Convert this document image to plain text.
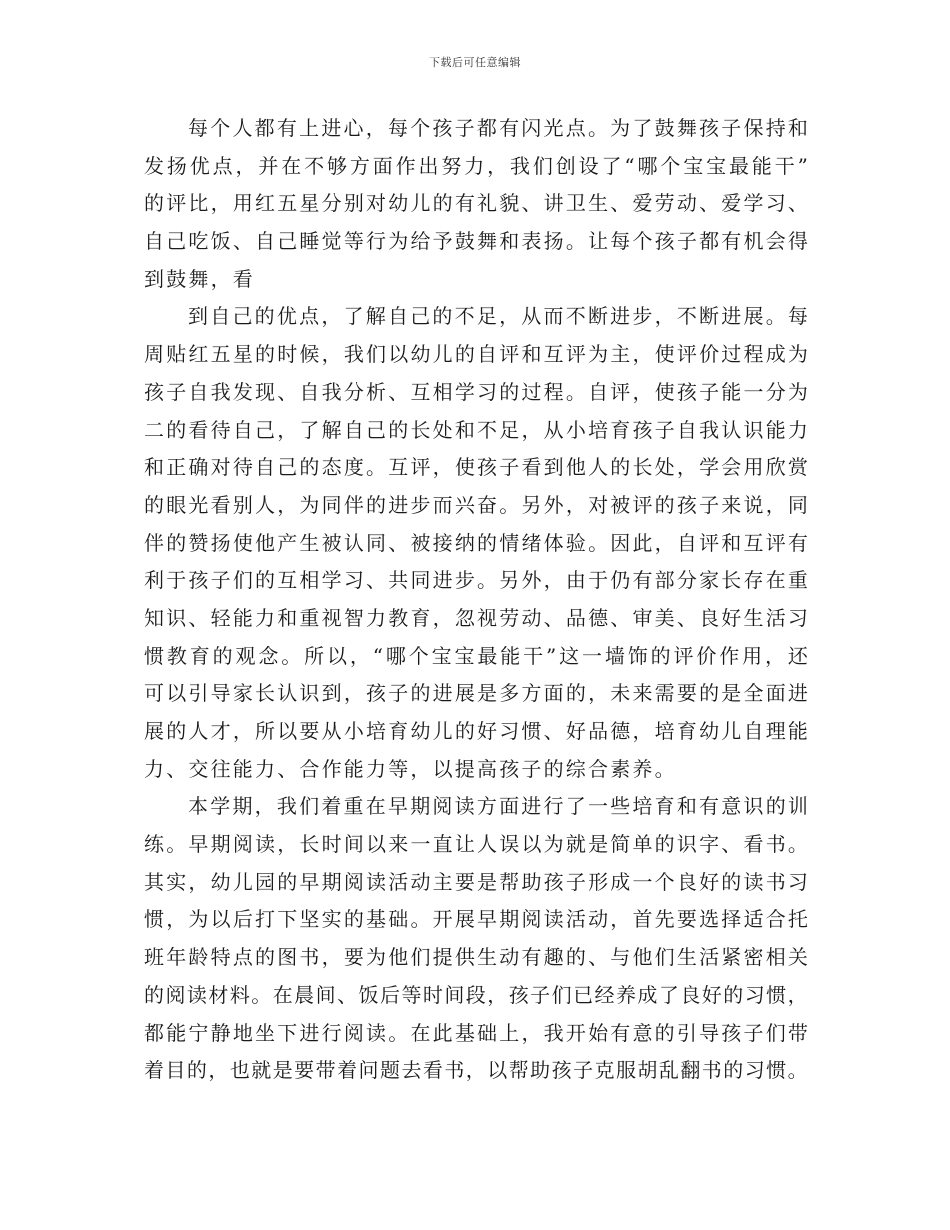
下载后可任意编辑
每 个 人 都 有 上 进 心 ， 每 个 孩 子 都 有 闪 光 点 。 为 了 鼓 舞 孩 子 保 持 和
发 扬 优 点 ， 并 在 不 够 方 面 作 出 努 力 ， 我 们 创 设 了 “ 哪 个 宝 宝 最 能 干 ”
的 评 比 ， 用 红 五 星 分 别 对 幼 儿 的 有 礼 貌 、 讲 卫 生 、 爱 劳 动 、 爱 学 习 、
自 己 吃 饭 、 自 己 睡 觉 等 行 为 给 予 鼓 舞 和 表 扬 。 让 每 个 孩 子 都 有 机 会 得
到鼓舞，看
到 自 己 的 优 点 ， 了 解 自 己 的 不 足 ， 从 而 不 断 进 步 ， 不 断 进 展 。 每
周 贴 红 五 星 的 时 候 ， 我 们 以 幼 儿 的 自 评 和 互 评 为 主 ， 使 评 价 过 程 成 为
孩 子 自 我 发 现 、 自 我 分 析 、 互 相 学 习 的 过 程 。 自 评 ， 使 孩 子 能 一 分 为
二 的 看 待 自 己 ， 了 解 自 己 的 长 处 和 不 足 ， 从 小 培 育 孩 子 自 我 认 识 能 力
和 正 确 对 待 自 己 的 态 度 。 互 评 ， 使 孩 子 看 到 他 人 的 长 处 ， 学 会 用 欣 赏
的 眼 光 看 别 人 ， 为 同 伴 的 进 步 而 兴 奋 。 另 外 ， 对 被 评 的 孩 子 来 说 ， 同
伴 的 赞 扬 使 他 产 生 被 认 同 、 被 接 纳 的 情 绪 体 验 。 因 此 ， 自 评 和 互 评 有
利 于 孩 子 们 的 互 相 学 习 、 共 同 进 步 。 另 外 ， 由 于 仍 有 部 分 家 长 存 在 重
知 识 、 轻 能 力 和 重 视 智 力 教 育 ， 忽 视 劳 动 、 品 德 、 审 美 、 良 好 生 活 习
惯 教 育 的 观 念 。 所 以 ， “ 哪 个 宝 宝 最 能 干 ” 这 一 墙 饰 的 评 价 作 用 ， 还
可 以 引 导 家 长 认 识 到 ， 孩 子 的 进 展 是 多 方 面 的 ， 未 来 需 要 的 是 全 面 进
展 的 人 才 ， 所 以 要 从 小 培 育 幼 儿 的 好 习 惯 、 好 品 德 ， 培 育 幼 儿 自 理 能
力、交往能力、合作能力等，以提高孩子的综合素养。
本 学 期 ， 我 们 着 重 在 早 期 阅 读 方 面 进 行 了 一 些 培 育 和 有 意 识 的 训
练 。 早 期 阅 读 ， 长 时 间 以 来 一 直 让 人 误 以 为 就 是 简 单 的 识 字 、 看 书 。
其 实 ， 幼 儿 园 的 早 期 阅 读 活 动 主 要 是 帮 助 孩 子 形 成 一 个 良 好 的 读 书 习
惯 ， 为 以 后 打 下 坚 实 的 基 础 。 开 展 早 期 阅 读 活 动 ， 首 先 要 选 择 适 合 托
班 年 龄 特 点 的 图 书 ， 要 为 他 们 提 供 生 动 有 趣 的 、 与 他 们 生 活 紧 密 相 关
的 阅 读 材 料 。 在 晨 间 、 饭 后 等 时 间 段 ， 孩 子 们 已 经 养 成 了 良 好 的 习 惯 ，
都 能 宁 静 地 坐 下 进 行 阅 读 。 在 此 基 础 上 ， 我 开 始 有 意 的 引 导 孩 子 们 带
着 目 的 ， 也 就 是 要 带 着 问 题 去 看 书 ， 以 帮 助 孩 子 克 服 胡 乱 翻 书 的 习 惯 。
